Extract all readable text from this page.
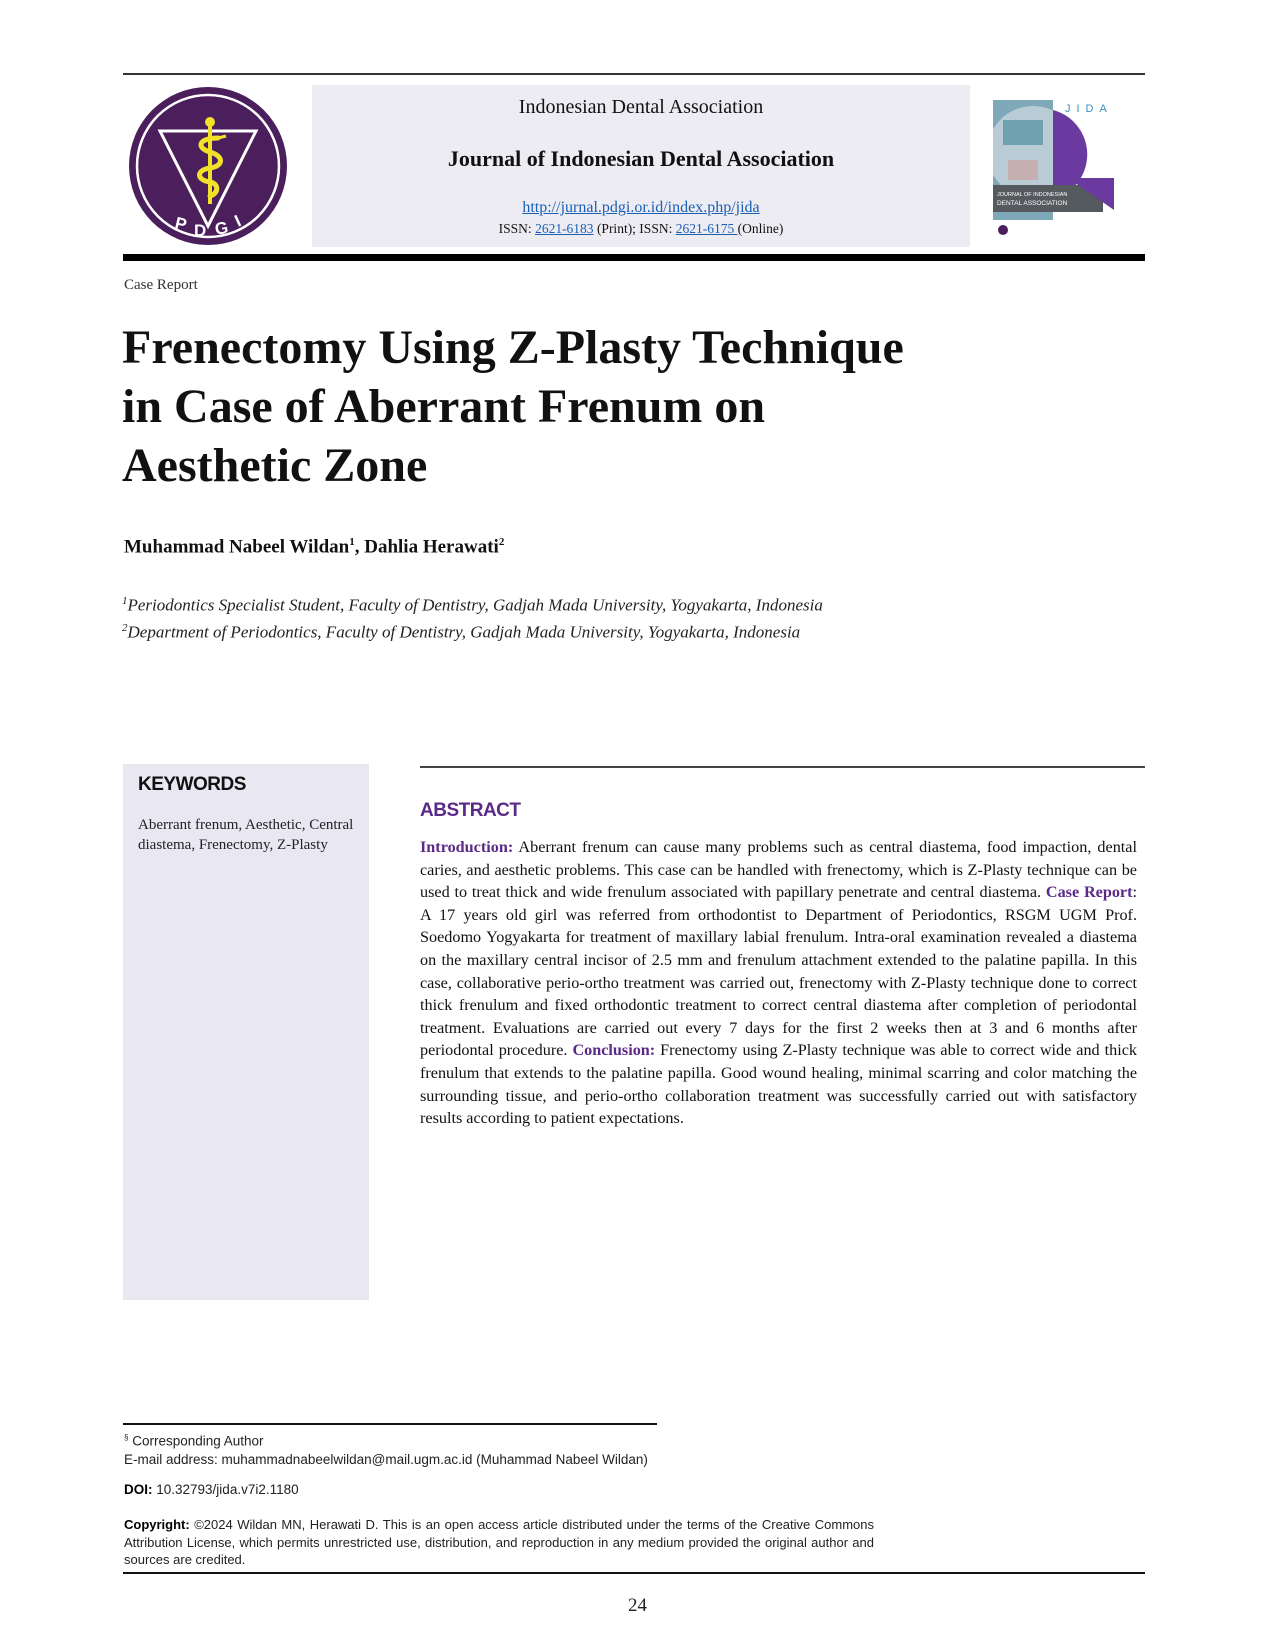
P D G I
Indonesian Dental Association
Journal of Indonesian Dental Association
http://jurnal.pdgi.or.id/index.php/jida
ISSN: 2621-6183 (Print); ISSN: 2621-6175 (Online)
JOURNAL OF INDONESIAN
DENTAL ASSOCIATION
JIDA
Case Report
Frenectomy Using Z-Plasty Technique
in Case of Aberrant Frenum on
Aesthetic Zone
Muhammad Nabeel Wildan$^1$, Dahlia Herawati$^2$
$^1$Periodontics Specialist Student, Faculty of Dentistry, Gadjah Mada University, Yogyakarta, Indonesia
$^2$Department of Periodontics, Faculty of Dentistry, Gadjah Mada University, Yogyakarta, Indonesia
KEYWORDS
Aberrant frenum, Aesthetic, Central diastema, Frenectomy, Z-Plasty
ABSTRACT
Introduction: Aberrant frenum can cause many problems such as central diastema, food impaction, dental caries, and aesthetic problems. This case can be handled with frenectomy, which is Z-Plasty technique can be used to treat thick and wide frenulum associated with papillary penetrate and central diastema. Case Report: A 17 years old girl was referred from orthodontist to Department of Periodontics, RSGM UGM Prof. Soedomo Yogyakarta for treatment of maxillary labial frenulum. Intra-oral examination revealed a diastema on the maxillary central incisor of 2.5 mm and frenulum attachment extended to the palatine papilla. In this case, collaborative perio-ortho treatment was carried out, frenectomy with Z-Plasty technique done to correct thick frenulum and fixed orthodontic treatment to correct central diastema after completion of periodontal treatment. Evaluations are carried out every 7 days for the first 2 weeks then at 3 and 6 months after periodontal procedure. Conclusion: Frenectomy using Z-Plasty technique was able to correct wide and thick frenulum that extends to the palatine papilla. Good wound healing, minimal scarring and color matching the surrounding tissue, and perio-ortho collaboration treatment was successfully carried out with satisfactory results according to patient expectations.
§ Corresponding Author
E-mail address: muhammadnabeelwildan@mail.ugm.ac.id (Muhammad Nabeel Wildan)
DOI: 10.32793/jida.v7i2.1180
Copyright: ©2024 Wildan MN, Herawati D. This is an open access article distributed under the terms of the Creative Commons Attribution License, which permits unrestricted use, distribution, and reproduction in any medium provided the original author and sources are credited.
24
